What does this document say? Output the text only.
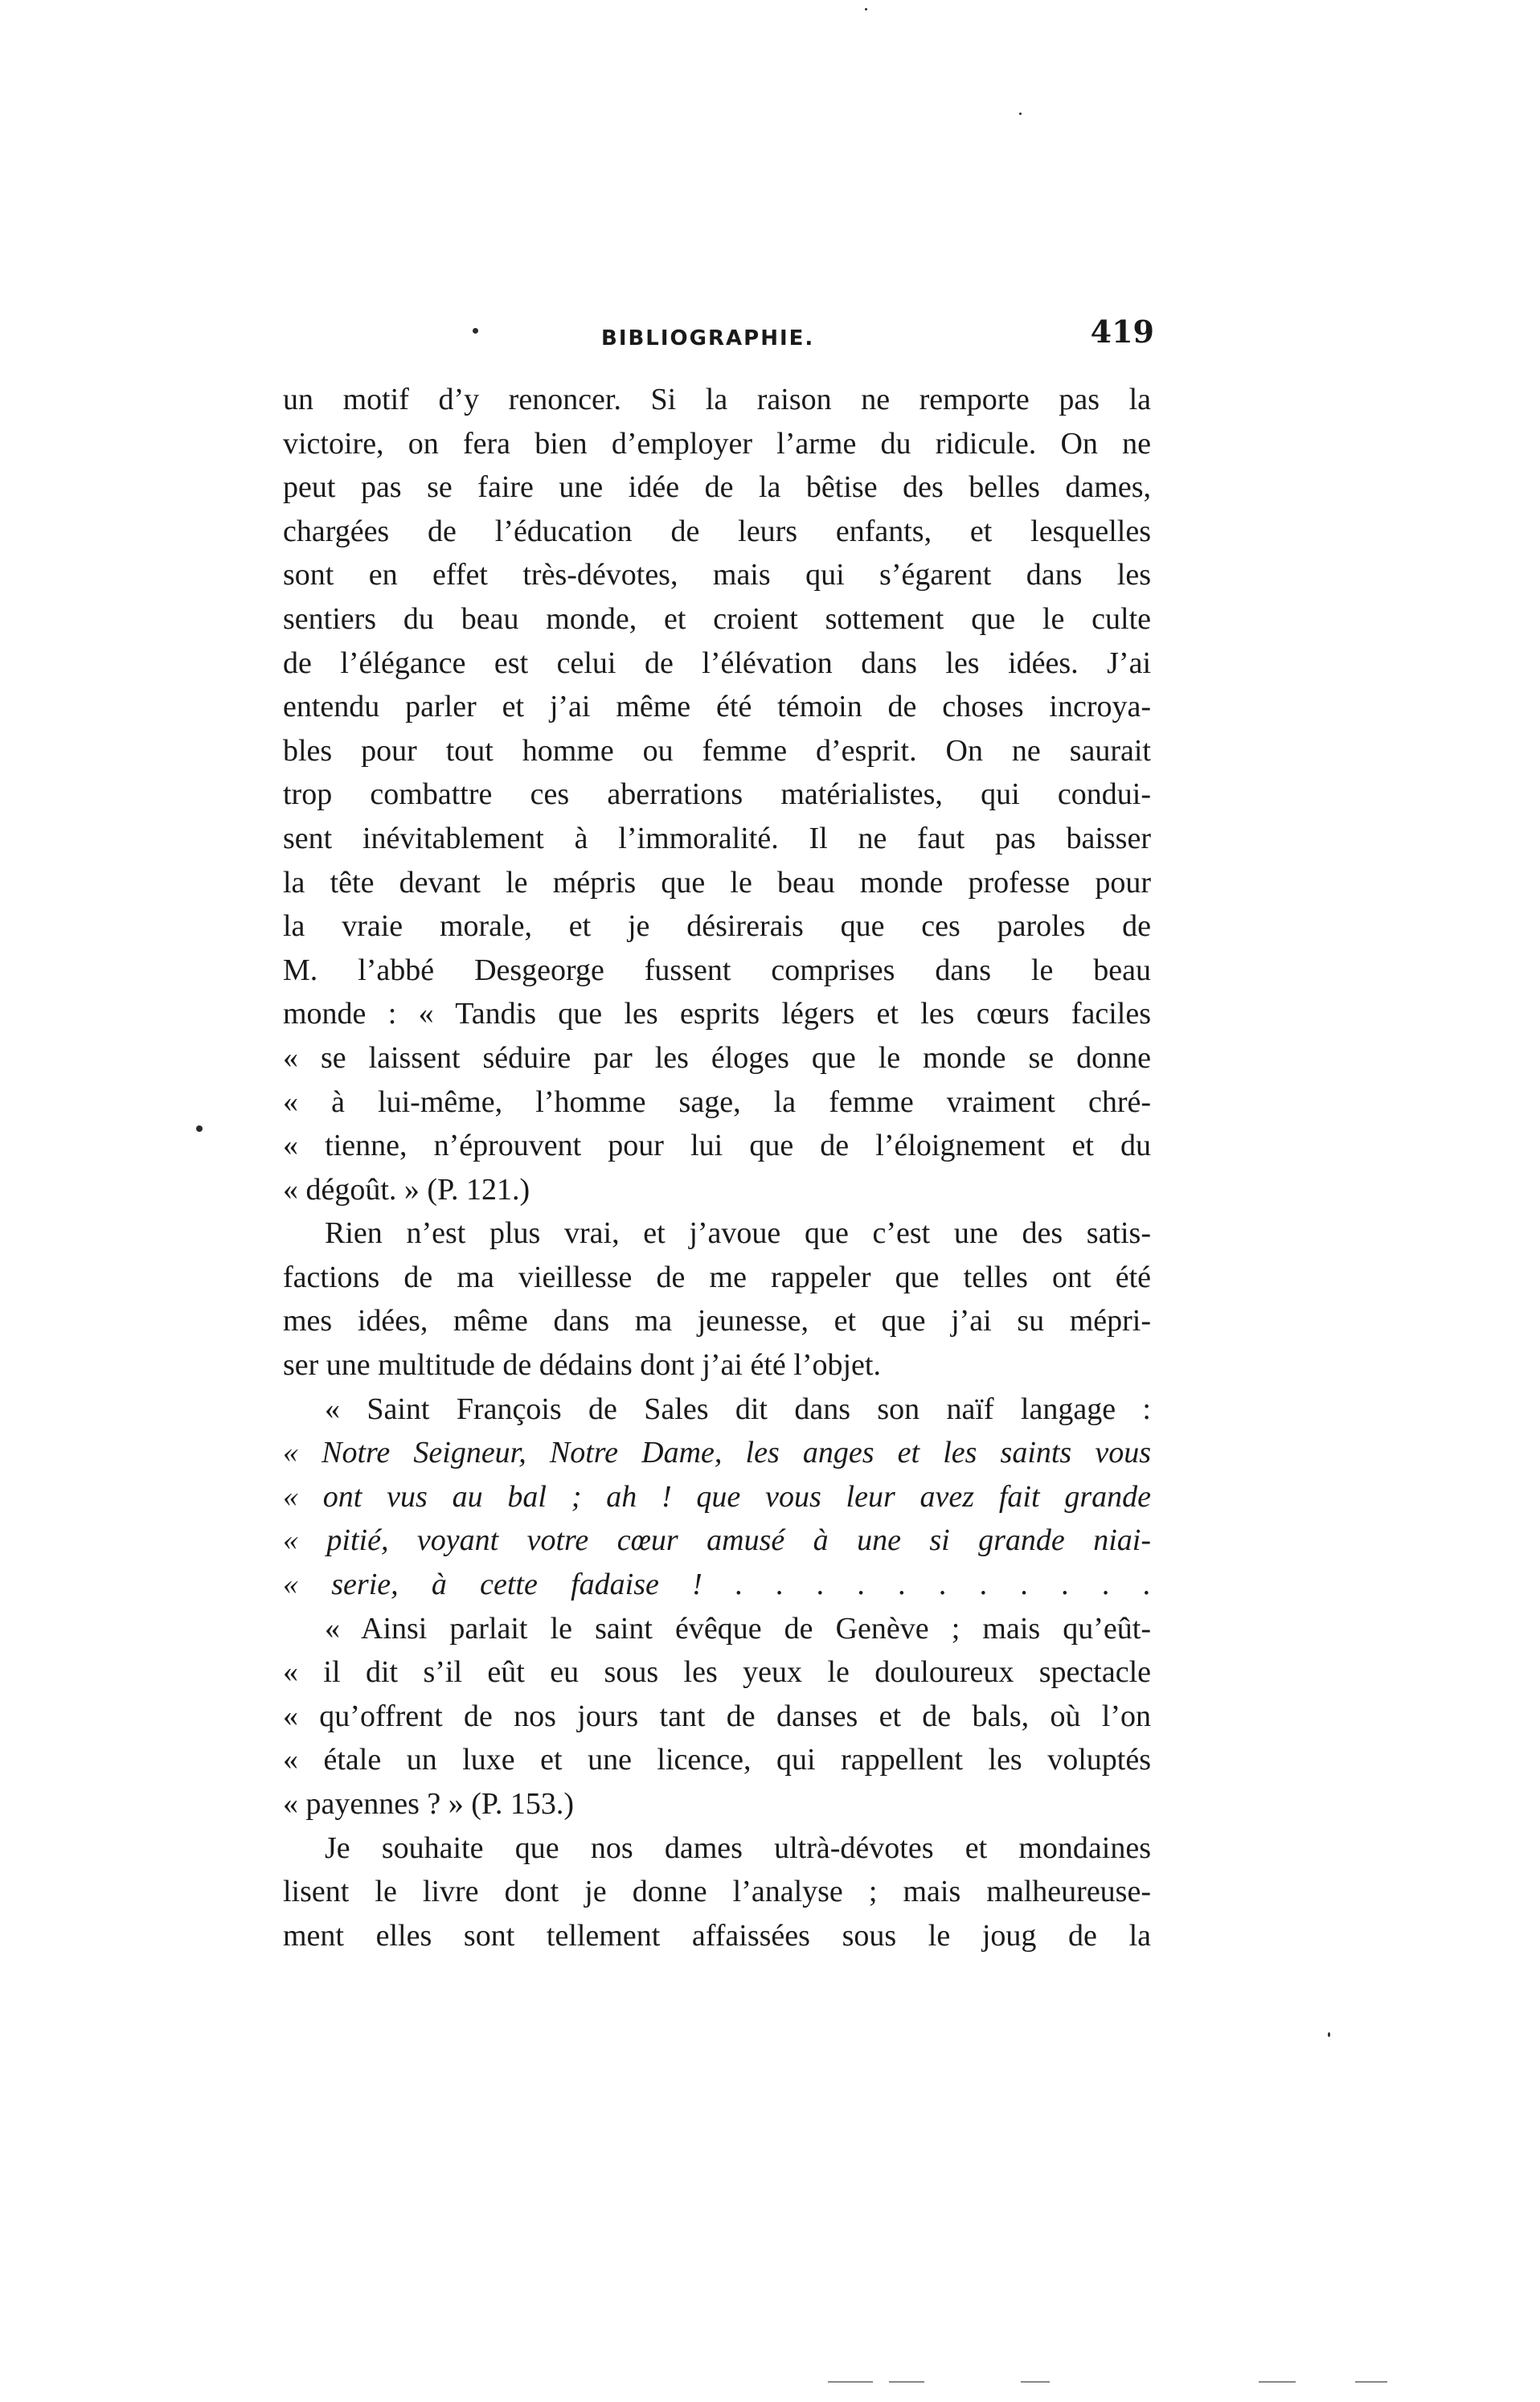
BIBLIOGRAPHIE.	419
un motif d’y renoncer. Si la raison ne remporte pas la
victoire, on fera bien d’employer l’arme du ridicule. On ne
peut pas se faire une idée de la bêtise des belles dames,
chargées de l’éducation de leurs enfants, et lesquelles
sont en effet très-dévotes, mais qui s’égarent dans les
sentiers du beau monde, et croient sottement que le culte
de l’élégance est celui de l’élévation dans les idées. J’ai
entendu parler et j’ai même été témoin de choses incroya-
bles pour tout homme ou femme d’esprit. On ne saurait
trop combattre ces aberrations matérialistes, qui condui-
sent inévitablement à l’immoralité. Il ne faut pas baisser
la tête devant le mépris que le beau monde professe pour
la vraie morale, et je désirerais que ces paroles de
M. l’abbé Desgeorge fussent comprises dans le beau
monde : « Tandis que les esprits légers et les cœurs faciles
« se laissent séduire par les éloges que le monde se donne
« à lui-même, l’homme sage, la femme vraiment chré-
« tienne, n’éprouvent pour lui que de l’éloignement et du
« dégoût. » (P. 121.)
Rien n’est plus vrai, et j’avoue que c’est une des satis-
factions de ma vieillesse de me rappeler que telles ont été
mes idées, même dans ma jeunesse, et que j’ai su mépri-
ser une multitude de dédains dont j’ai été l’objet.
« Saint François de Sales dit dans son naïf langage :
« Notre Seigneur, Notre Dame, les anges et les saints vous
« ont vus au bal ; ah ! que vous leur avez fait grande
« pitié, voyant votre cœur amusé à une si grande niai-
« serie, à cette fadaise ! . . . . . . . . . . .
« Ainsi parlait le saint évêque de Genève ; mais qu’eût-
« il dit s’il eût eu sous les yeux le douloureux spectacle
« qu’offrent de nos jours tant de danses et de bals, où l’on
« étale un luxe et une licence, qui rappellent les voluptés
« payennes ? » (P. 153.)
Je souhaite que nos dames ultrà-dévotes et mondaines
lisent le livre dont je donne l’analyse ; mais malheureuse-
ment elles sont tellement affaissées sous le joug de la
